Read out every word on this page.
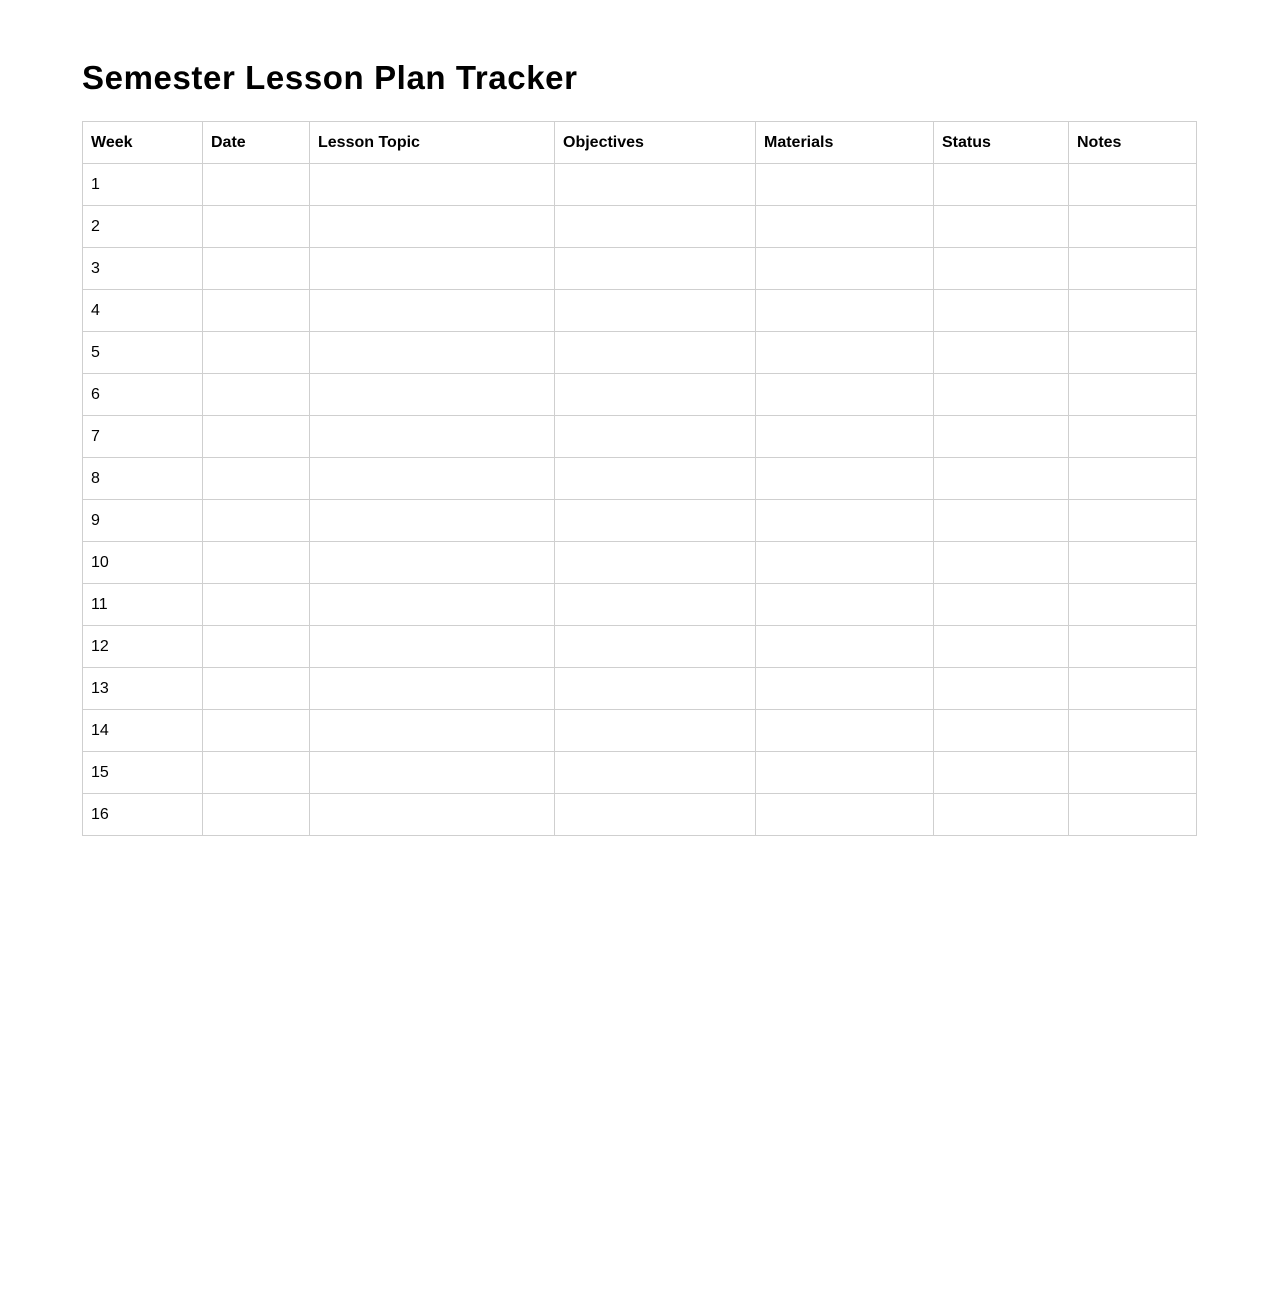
Semester Lesson Plan Tracker
Week	Date	Lesson Topic	Objectives	Materials	Status	Notes
1						
2						
3						
4						
5						
6						
7						
8						
9						
10						
11						
12						
13						
14						
15						
16						
